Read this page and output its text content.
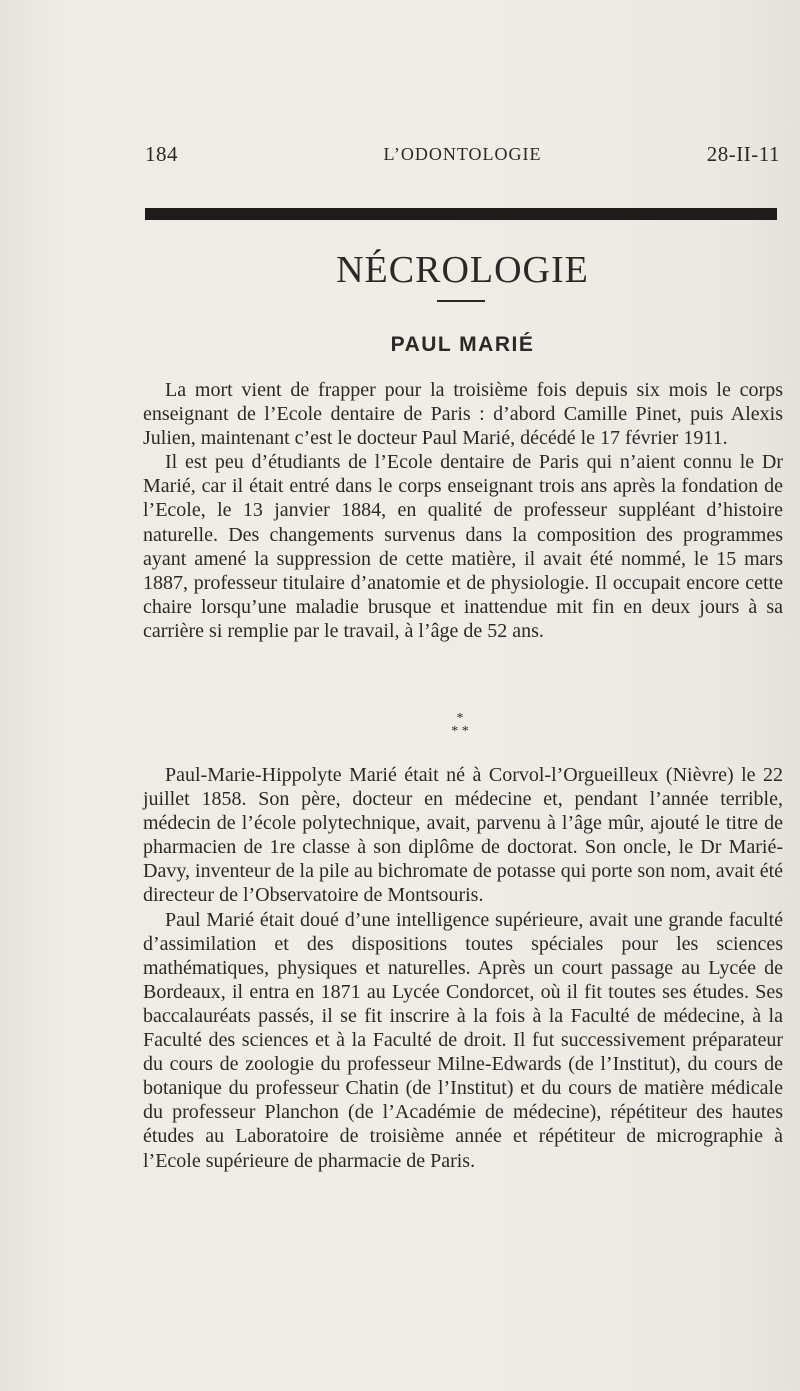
184	L’ODONTOLOGIE	28-II-11
NÉCROLOGIE
PAUL MARIÉ

La mort vient de frapper pour la troisième fois depuis six mois le corps enseignant de l’Ecole dentaire de Paris : d’abord Camille Pinet, puis Alexis Julien, maintenant c’est le docteur Paul Marié, décédé le 17 février 1911.

Il est peu d’étudiants de l’Ecole dentaire de Paris qui n’aient connu le Dr Marié, car il était entré dans le corps enseignant trois ans après la fondation de l’Ecole, le 13 janvier 1884, en qualité de professeur suppléant d’histoire naturelle. Des changements survenus dans la composition des programmes ayant amené la suppression de cette matière, il avait été nommé, le 15 mars 1887, professeur titulaire d’anatomie et de physiologie. Il occupait encore cette chaire lorsqu’une maladie brusque et inattendue mit fin en deux jours à sa carrière si remplie par le travail, à l’âge de 52 ans.

*
* *

Paul-Marie-Hippolyte Marié était né à Corvol-l’Orgueilleux (Nièvre) le 22 juillet 1858. Son père, docteur en médecine et, pendant l’année terrible, médecin de l’école polytechnique, avait, parvenu à l’âge mûr, ajouté le titre de pharmacien de 1re classe à son diplôme de doctorat. Son oncle, le Dr Marié-Davy, inventeur de la pile au bichromate de potasse qui porte son nom, avait été directeur de l’Observatoire de Montsouris.

Paul Marié était doué d’une intelligence supérieure, avait une grande faculté d’assimilation et des dispositions toutes spéciales pour les sciences mathématiques, physiques et naturelles. Après un court passage au Lycée de Bordeaux, il entra en 1871 au Lycée Condorcet, où il fit toutes ses études. Ses baccalauréats passés, il se fit inscrire à la fois à la Faculté de médecine, à la Faculté des sciences et à la Faculté de droit. Il fut successivement préparateur du cours de zoologie du professeur Milne-Edwards (de l’Institut), du cours de botanique du professeur Chatin (de l’Institut) et du cours de matière médicale du professeur Planchon (de l’Académie de médecine), répétiteur des hautes études au Laboratoire de troisième année et répétiteur de micrographie à l’Ecole supérieure de pharmacie de Paris.
